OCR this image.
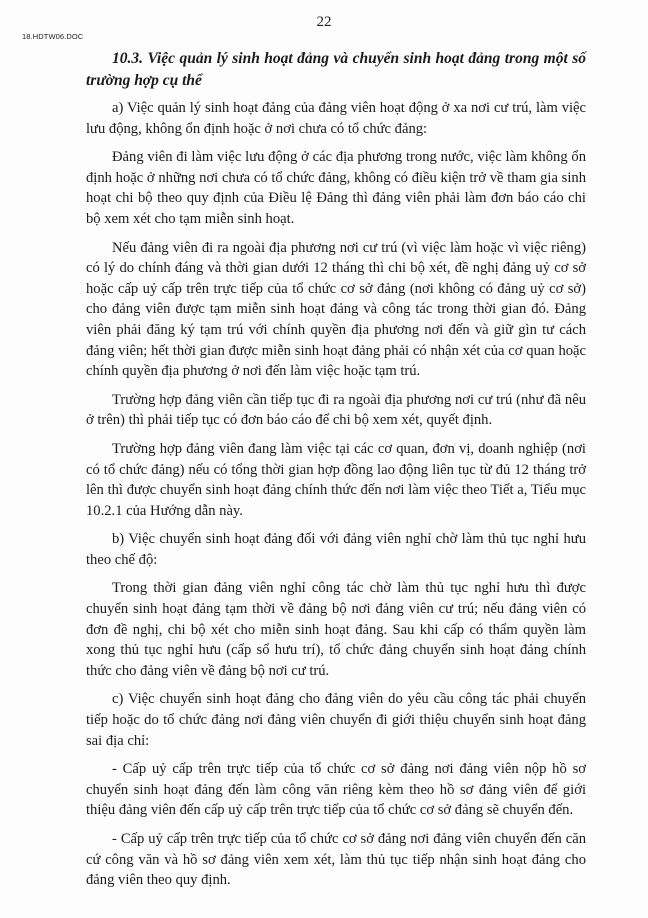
18.HDTW06.DOC
22

10.3. Việc quản lý sinh hoạt đảng và chuyển sinh hoạt đảng trong một số trường hợp cụ thể

a) Việc quản lý sinh hoạt đảng của đảng viên hoạt động ở xa nơi cư trú, làm việc lưu động, không ổn định hoặc ở nơi chưa có tổ chức đảng:

Đảng viên đi làm việc lưu động ở các địa phương trong nước, việc làm không ổn định hoặc ở những nơi chưa có tổ chức đảng, không có điều kiện trở về tham gia sinh hoạt chi bộ theo quy định của Điều lệ Đảng thì đảng viên phải làm đơn báo cáo chi bộ xem xét cho tạm miễn sinh hoạt.

Nếu đảng viên đi ra ngoài địa phương nơi cư trú (vì việc làm hoặc vì việc riêng) có lý do chính đáng và thời gian dưới 12 tháng thì chi bộ xét, đề nghị đảng uỷ cơ sở hoặc cấp uỷ cấp trên trực tiếp của tổ chức cơ sở đảng (nơi không có đảng uỷ cơ sở) cho đảng viên được tạm miễn sinh hoạt đảng và công tác trong thời gian đó. Đảng viên phải đăng ký tạm trú với chính quyền địa phương nơi đến và giữ gìn tư cách đảng viên; hết thời gian được miễn sinh hoạt đảng phải có nhận xét của cơ quan hoặc chính quyền địa phương ở nơi đến làm việc hoặc tạm trú.

Trường hợp đảng viên cần tiếp tục đi ra ngoài địa phương nơi cư trú (như đã nêu ở trên) thì phải tiếp tục có đơn báo cáo để chi bộ xem xét, quyết định.

Trường hợp đảng viên đang làm việc tại các cơ quan, đơn vị, doanh nghiệp (nơi có tổ chức đảng) nếu có tổng thời gian hợp đồng lao động liên tục từ đủ 12 tháng trở lên thì được chuyển sinh hoạt đảng chính thức đến nơi làm việc theo Tiết a, Tiểu mục 10.2.1 của Hướng dẫn này.

b) Việc chuyển sinh hoạt đảng đối với đảng viên nghỉ chờ làm thủ tục nghỉ hưu theo chế độ:

Trong thời gian đảng viên nghỉ công tác chờ làm thủ tục nghỉ hưu thì được chuyển sinh hoạt đảng tạm thời về đảng bộ nơi đảng viên cư trú; nếu đảng viên có đơn đề nghị, chi bộ xét cho miễn sinh hoạt đảng. Sau khi cấp có thẩm quyền làm xong thủ tục nghỉ hưu (cấp sổ hưu trí), tổ chức đảng chuyển sinh hoạt đảng chính thức cho đảng viên về đảng bộ nơi cư trú.

c) Việc chuyển sinh hoạt đảng cho đảng viên do yêu cầu công tác phải chuyển tiếp hoặc do tổ chức đảng nơi đảng viên chuyển đi giới thiệu chuyển sinh hoạt đảng sai địa chỉ:

- Cấp uỷ cấp trên trực tiếp của tổ chức cơ sở đảng nơi đảng viên nộp hồ sơ chuyển sinh hoạt đảng đến làm công văn riêng kèm theo hồ sơ đảng viên để giới thiệu đảng viên đến cấp uỷ cấp trên trực tiếp của tổ chức cơ sở đảng sẽ chuyển đến.

- Cấp uỷ cấp trên trực tiếp của tổ chức cơ sở đảng nơi đảng viên chuyển đến căn cứ công văn và hồ sơ đảng viên xem xét, làm thủ tục tiếp nhận sinh hoạt đảng cho đảng viên theo quy định.
